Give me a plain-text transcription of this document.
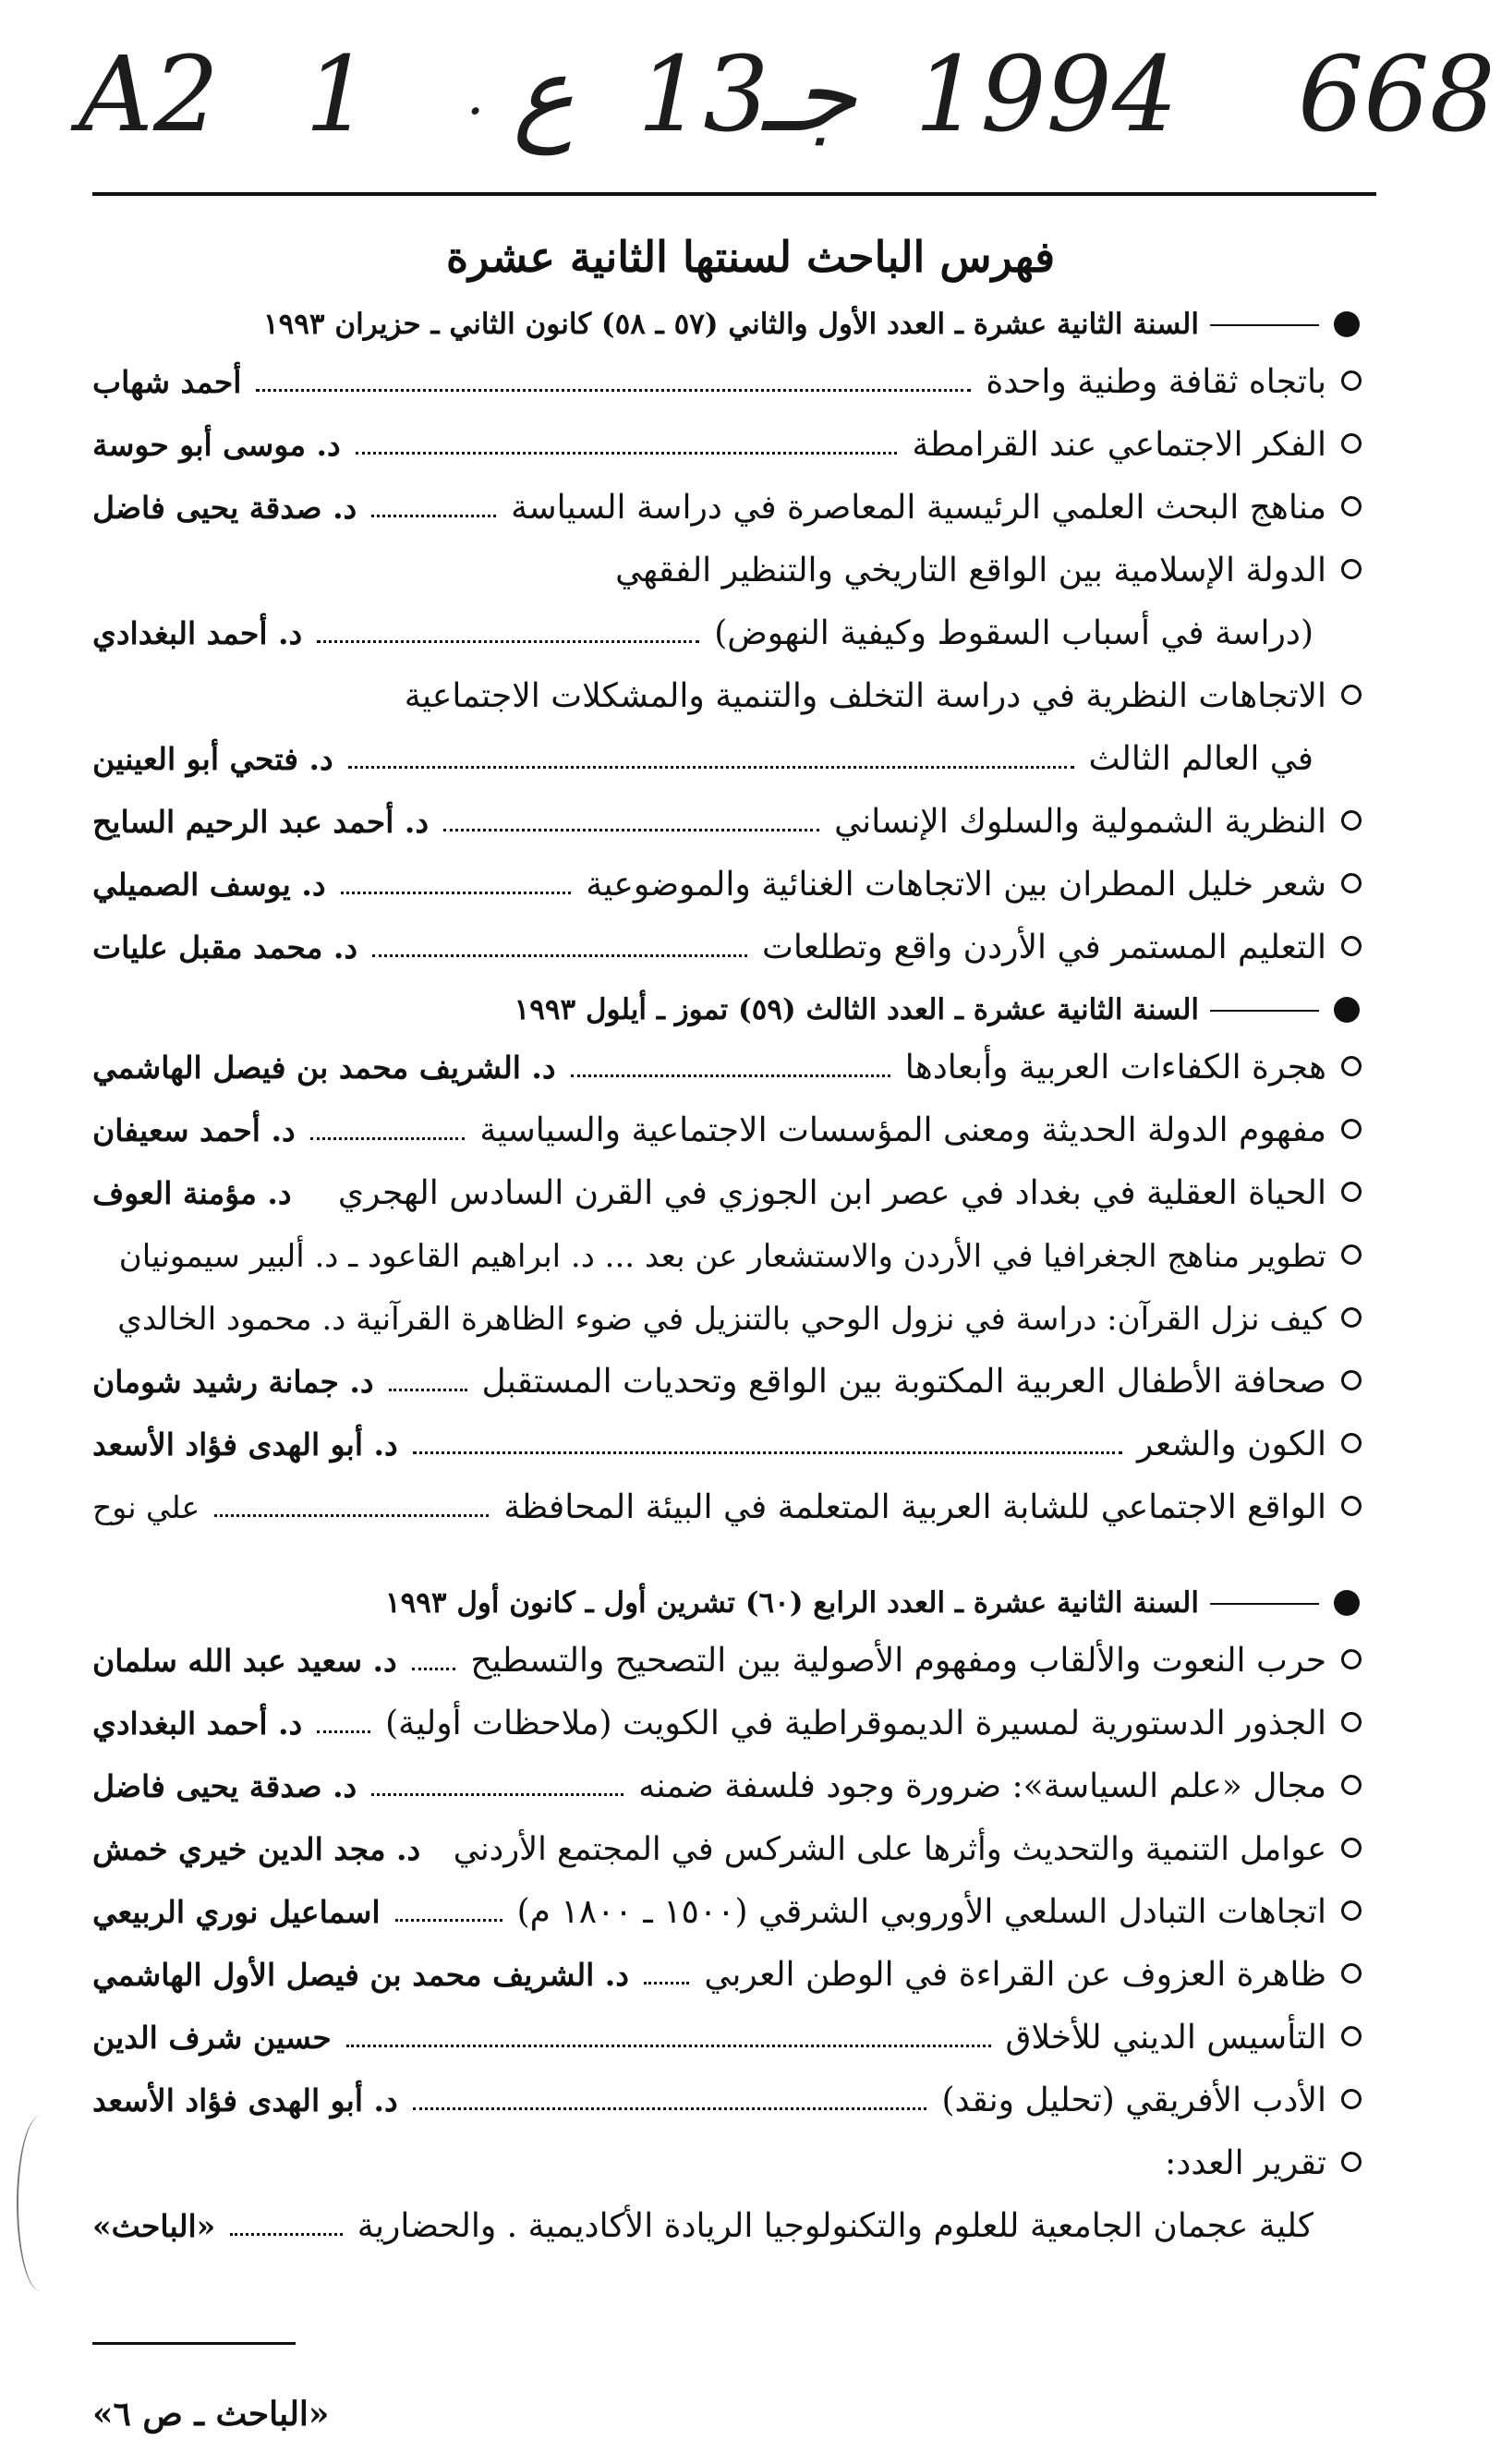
A2 1 . ع 13
جـ 1994 668
فهرس الباحث لسنتها الثانية عشرة
السنة الثانية عشرة ـ العدد الأول والثاني (٥٧ ـ ٥٨) كانون الثاني ـ حزيران ١٩٩٣
باتجاه ثقافة وطنية واحدة
أحمد شهاب
الفكر الاجتماعي عند القرامطة
د. موسى أبو حوسة
مناهج البحث العلمي الرئيسية المعاصرة في دراسة السياسة
د. صدقة يحيى فاضل
الدولة الإسلامية بين الواقع التاريخي والتنظير الفقهي
(دراسة في أسباب السقوط وكيفية النهوض)
د. أحمد البغدادي
الاتجاهات النظرية في دراسة التخلف والتنمية والمشكلات الاجتماعية
في العالم الثالث
د. فتحي أبو العينين
النظرية الشمولية والسلوك الإنساني
د. أحمد عبد الرحيم السايح
شعر خليل المطران بين الاتجاهات الغنائية والموضوعية
د. يوسف الصميلي
التعليم المستمر في الأردن واقع وتطلعات
د. محمد مقبل عليات
السنة الثانية عشرة ـ العدد الثالث (٥٩) تموز ـ أيلول ١٩٩٣
هجرة الكفاءات العربية وأبعادها
د. الشريف محمد بن فيصل الهاشمي
مفهوم الدولة الحديثة ومعنى المؤسسات الاجتماعية والسياسية
د. أحمد سعيفان
الحياة العقلية في بغداد في عصر ابن الجوزي في القرن السادس الهجري
د. مؤمنة العوف
تطوير مناهج الجغرافيا في الأردن والاستشعار عن بعد ... د. ابراهيم القاعود ـ د. ألبير سيمونيان
كيف نزل القرآن: دراسة في نزول الوحي بالتنزيل في ضوء الظاهرة القرآنية د. محمود الخالدي
صحافة الأطفال العربية المكتوبة بين الواقع وتحديات المستقبل
د. جمانة رشيد شومان
الكون والشعر
د. أبو الهدى فؤاد الأسعد
الواقع الاجتماعي للشابة العربية المتعلمة في البيئة المحافظة
علي نوح
السنة الثانية عشرة ـ العدد الرابع (٦٠) تشرين أول ـ كانون أول ١٩٩٣
حرب النعوت والألقاب ومفهوم الأصولية بين التصحيح والتسطيح
د. سعيد عبد الله سلمان
الجذور الدستورية لمسيرة الديموقراطية في الكويت (ملاحظات أولية)
د. أحمد البغدادي
مجال «علم السياسة»: ضرورة وجود فلسفة ضمنه
د. صدقة يحيى فاضل
عوامل التنمية والتحديث وأثرها على الشركس في المجتمع الأردني
د. مجد الدين خيري خمش
اتجاهات التبادل السلعي الأوروبي الشرقي (١٥٠٠ ـ ١٨٠٠ م)
اسماعيل نوري الربيعي
ظاهرة العزوف عن القراءة في الوطن العربي
د. الشريف محمد بن فيصل الأول الهاشمي
التأسيس الديني للأخلاق
حسين شرف الدين
الأدب الأفريقي (تحليل ونقد)
د. أبو الهدى فؤاد الأسعد
تقرير العدد:
كلية عجمان الجامعية للعلوم والتكنولوجيا الريادة الأكاديمية . والحضارية
«الباحث»
«الباحث ـ ص ٦»
